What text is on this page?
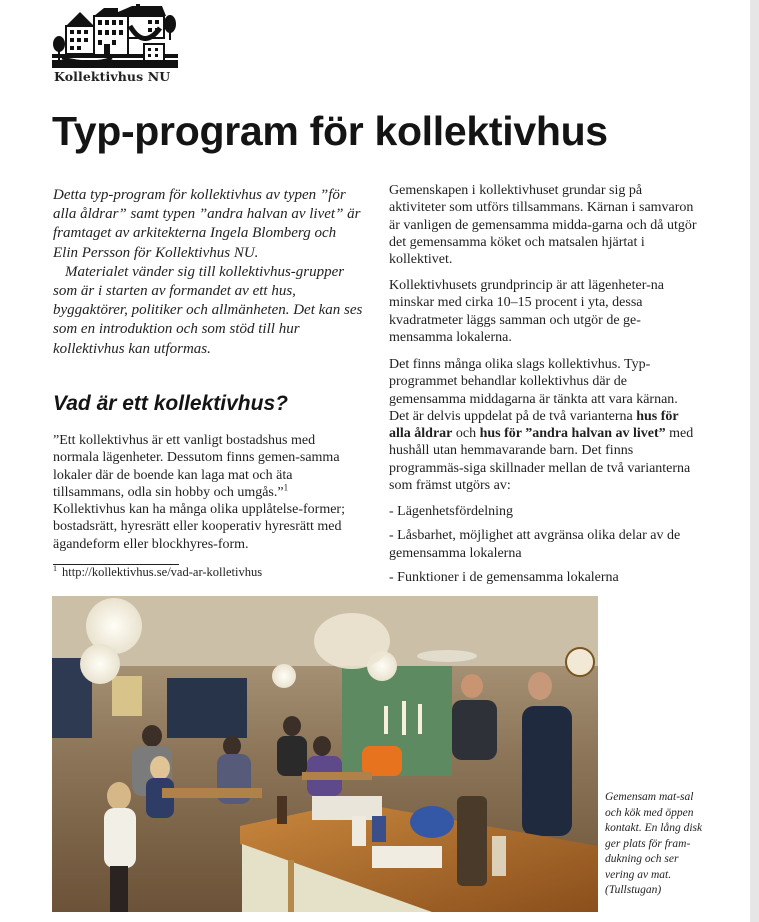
Kollektivhus NU
Typ-program för kollektivhus

Detta typ-program för kollektivhus av typen ”för alla åldrar” samt typen ”andra halvan av livet” är framtaget av arkitekterna Ingela Blomberg och Elin Persson för Kollektivhus NU.

Materialet vänder sig till kollektivhus-grupper som är i starten av formandet av ett hus, byggaktörer, politiker och allmänheten. Det kan ses som en introduktion och som stöd till hur kollektivhus kan utformas.

Vad är ett kollektivhus?

”Ett kollektivhus är ett vanligt bostadshus med normala lägenheter. Dessutom finns gemen-samma lokaler där de boende kan laga mat och äta tillsammans, odla sin hobby och umgås.”$^1$ Kollektivhus kan ha många olika upplåtelse-former; bostadsrätt, hyresrätt eller kooperativ hyresrätt med ägandeform eller blockhyres-form.

$^1$ http://kollektivhus.se/vad-ar-kolletivhus

Gemenskapen i kollektivhuset grundar sig på aktiviteter som utförs tillsammans. Kärnan i samvaron är vanligen de gemensamma midda-garna och då utgör det gemensamma köket och matsalen hjärtat i kollektivet.

Kollektivhusets grundprincip är att lägenheter-na minskar med cirka 10–15 procent i yta, dessa kvadratmeter läggs samman och utgör de ge-mensamma lokalerna.

Det finns många olika slags kollektivhus. Typ-programmet behandlar kollektivhus där de gemensamma middagarna är tänkta att vara kärnan. Det är delvis uppdelat på de två varianterna hus för alla åldrar och hus för ”andra halvan av livet” med hushåll utan hemmavarande barn. Det finns programmäs-siga skillnader mellan de två varianterna som främst utgörs av:

- Lägenhetsfördelning

- Låsbarhet, möjlighet att avgränsa olika delar av de gemensamma lokalerna

- Funktioner i de gemensamma lokalerna

Gemensam mat-sal och kök med öppen kontakt. En lång disk ger plats för fram-dukning och ser vering av mat. (Tullstugan)
